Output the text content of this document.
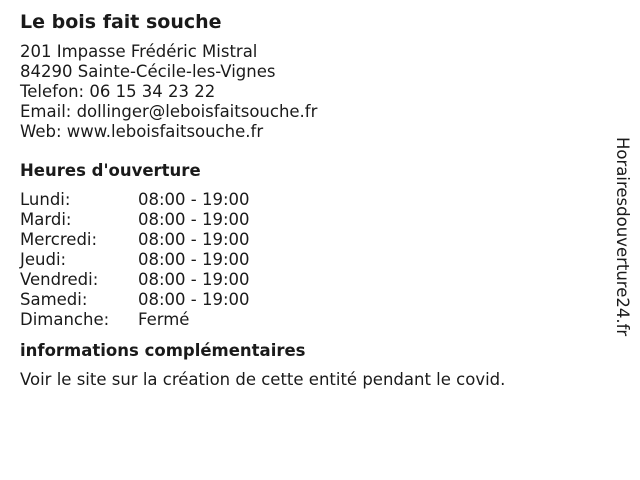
Le bois fait souche
201 Impasse Frédéric Mistral
84290 Sainte-Cécile-les-Vignes
Telefon: 06 15 34 23 22
Email: dollinger@leboisfaitsouche.fr
Web: www.leboisfaitsouche.fr
Heures d'ouverture
Lundi:	08:00 - 19:00
Mardi:	08:00 - 19:00
Mercredi:	08:00 - 19:00
Jeudi:	08:00 - 19:00
Vendredi:	08:00 - 19:00
Samedi:	08:00 - 19:00
Dimanche:	Fermé
informations complémentaires
Voir le site sur la création de cette entité pendant le covid.
Horairesdouverture24.fr
